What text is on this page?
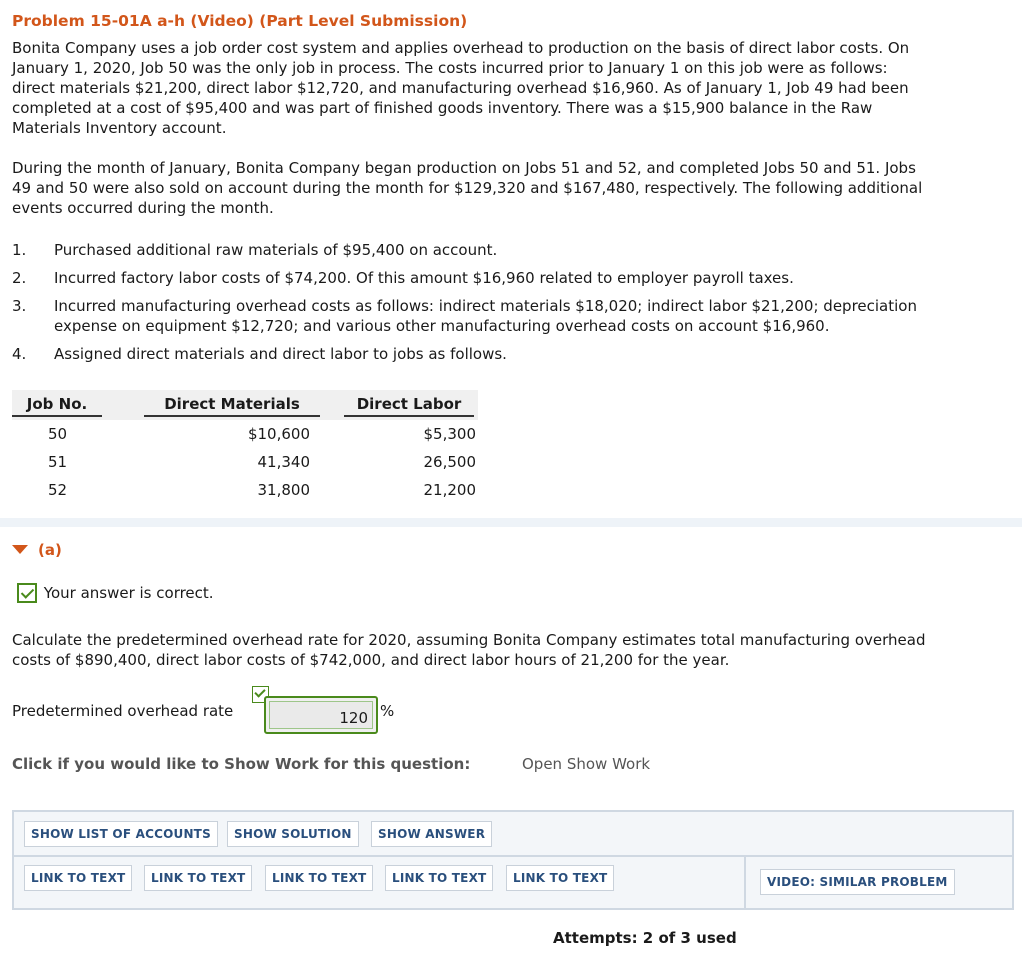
Problem 15-01A a-h (Video) (Part Level Submission)
Bonita Company uses a job order cost system and applies overhead to production on the basis of direct labor costs. On
January 1, 2020, Job 50 was the only job in process. The costs incurred prior to January 1 on this job were as follows:
direct materials $21,200, direct labor $12,720, and manufacturing overhead $16,960. As of January 1, Job 49 had been
completed at a cost of $95,400 and was part of finished goods inventory. There was a $15,900 balance in the Raw
Materials Inventory account.
During the month of January, Bonita Company began production on Jobs 51 and 52, and completed Jobs 50 and 51. Jobs
49 and 50 were also sold on account during the month for $129,320 and $167,480, respectively. The following additional
events occurred during the month.
1. Purchased additional raw materials of $95,400 on account.
2. Incurred factory labor costs of $74,200. Of this amount $16,960 related to employer payroll taxes.
3. Incurred manufacturing overhead costs as follows: indirect materials $18,020; indirect labor $21,200; depreciation
expense on equipment $12,720; and various other manufacturing overhead costs on account $16,960.
4. Assigned direct materials and direct labor to jobs as follows.
Job No.	Direct Materials	Direct Labor
50	$10,600	$5,300
51	41,340	26,500
52	31,800	21,200
(a)
Your answer is correct.
Calculate the predetermined overhead rate for 2020, assuming Bonita Company estimates total manufacturing overhead
costs of $890,400, direct labor costs of $742,000, and direct labor hours of 21,200 for the year.
Predetermined overhead rate	120 %
Click if you would like to Show Work for this question:	Open Show Work
SHOW LIST OF ACCOUNTS	SHOW SOLUTION	SHOW ANSWER
LINK TO TEXT	LINK TO TEXT	LINK TO TEXT	LINK TO TEXT	LINK TO TEXT	VIDEO: SIMILAR PROBLEM
Attempts: 2 of 3 used
